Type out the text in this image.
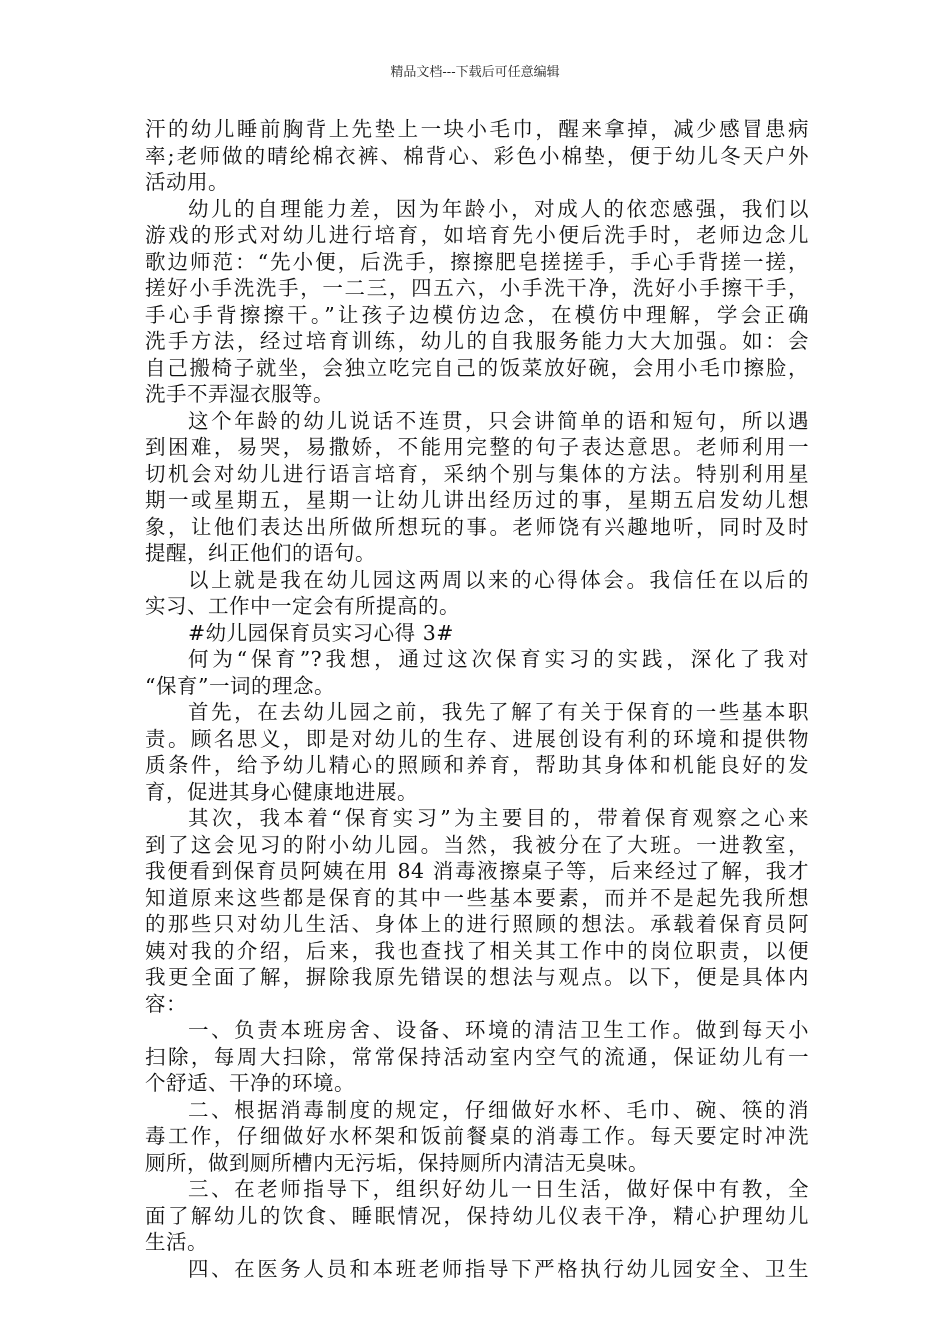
精品文档---下载后可任意编辑
汗的幼儿睡前胸背上先垫上一块小毛巾，醒来拿掉，减少感冒患病
率;老师做的晴纶棉衣裤、棉背心、彩色小棉垫，便于幼儿冬天户外
活动用。
幼儿的自理能力差，因为年龄小，对成人的依恋感强，我们以
游戏的形式对幼儿进行培育，如培育先小便后洗手时，老师边念儿
歌边师范：“先小便，后洗手，擦擦肥皂搓搓手，手心手背搓一搓，
搓好小手洗洗手，一二三，四五六，小手洗干净，洗好小手擦干手，
手心手背擦擦干。”让孩子边模仿边念，在模仿中理解，学会正确
洗手方法，经过培育训练，幼儿的自我服务能力大大加强。如：会
自己搬椅子就坐，会独立吃完自己的饭菜放好碗，会用小毛巾擦脸，
洗手不弄湿衣服等。
这个年龄的幼儿说话不连贯，只会讲简单的语和短句，所以遇
到困难，易哭，易撒娇，不能用完整的句子表达意思。老师利用一
切机会对幼儿进行语言培育，采纳个别与集体的方法。特别利用星
期一或星期五，星期一让幼儿讲出经历过的事，星期五启发幼儿想
象，让他们表达出所做所想玩的事。老师饶有兴趣地听，同时及时
提醒，纠正他们的语句。
以上就是我在幼儿园这两周以来的心得体会。我信任在以后的
实习、工作中一定会有所提高的。
#幼儿园保育员实习心得 3#
何为“保育”?我想，通过这次保育实习的实践，深化了我对
“保育”一词的理念。
首先，在去幼儿园之前，我先了解了有关于保育的一些基本职
责。顾名思义，即是对幼儿的生存、进展创设有利的环境和提供物
质条件，给予幼儿精心的照顾和养育，帮助其身体和机能良好的发
育，促进其身心健康地进展。
其次，我本着“保育实习”为主要目的，带着保育观察之心来
到了这会见习的附小幼儿园。当然，我被分在了大班。一进教室，
我便看到保育员阿姨在用 84 消毒液擦桌子等，后来经过了解，我才
知道原来这些都是保育的其中一些基本要素，而并不是起先我所想
的那些只对幼儿生活、身体上的进行照顾的想法。承载着保育员阿
姨对我的介绍，后来，我也查找了相关其工作中的岗位职责，以便
我更全面了解，摒除我原先错误的想法与观点。以下，便是具体内
容：
一、负责本班房舍、设备、环境的清洁卫生工作。做到每天小
扫除，每周大扫除，常常保持活动室内空气的流通，保证幼儿有一
个舒适、干净的环境。
二、根据消毒制度的规定，仔细做好水杯、毛巾、碗、筷的消
毒工作，仔细做好水杯架和饭前餐桌的消毒工作。每天要定时冲洗
厕所，做到厕所槽内无污垢，保持厕所内清洁无臭味。
三、在老师指导下，组织好幼儿一日生活，做好保中有教，全
面了解幼儿的饮食、睡眠情况，保持幼儿仪表干净，精心护理幼儿
生活。
四、在医务人员和本班老师指导下严格执行幼儿园安全、卫生
